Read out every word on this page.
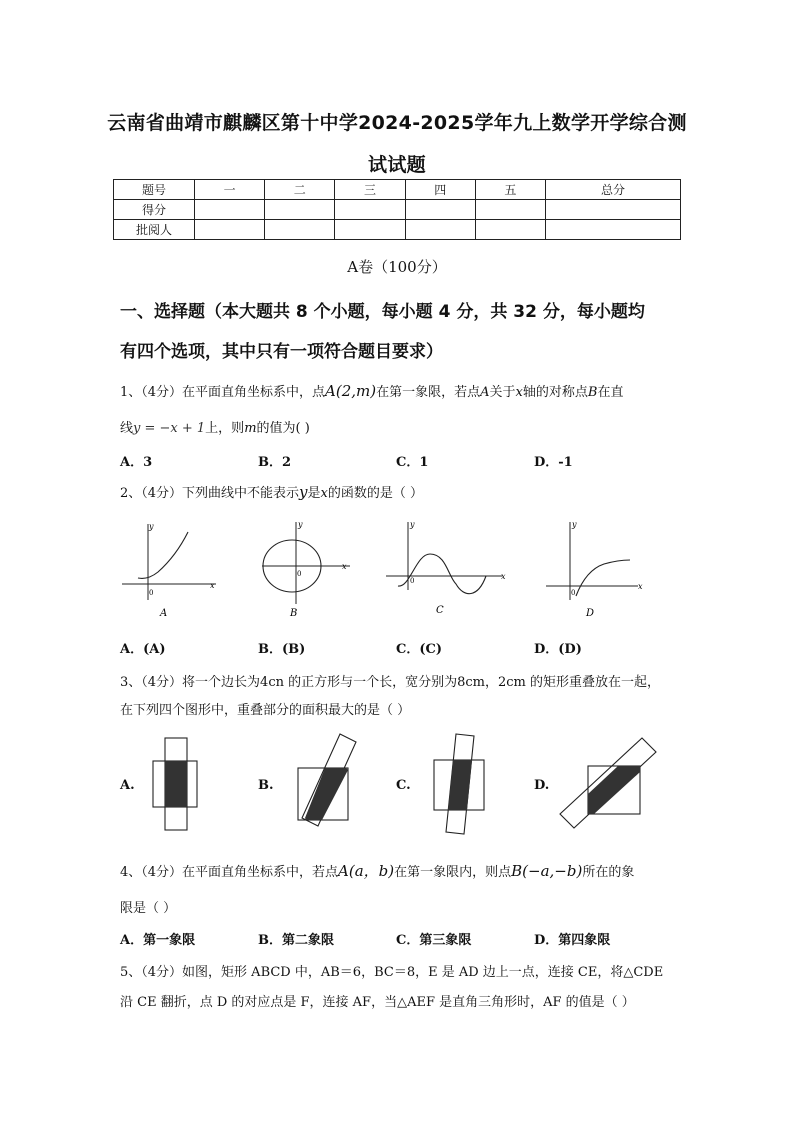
云南省曲靖市麒麟区第十中学2024-2025学年九上数学开学综合测
试试题
题号	一	二	三	四	五	总分
得分						
批阅人						
A卷（100分）
一、选择题（本大题共 8 个小题，每小题 4 分，共 32 分，每小题均
有四个选项，其中只有一项符合题目要求）
1、（4分）在平面直角坐标系中，点A(2,m)在第一象限，若点A关于x轴的对称点B在直
线y = −x + 1上，则m的值为( )
A．3	B．2	C．1	D．-1
2、（4分）下列曲线中不能表示y是x的函数的是（ ）
x
y
0
A
x
y
0
B
x
y
0
C
x
y
0
D
A．(A)	B．(B)	C．(C)	D．(D)
3、（4分）将一个边长为4cn 的正方形与一个长，宽分别为8cm，2cm 的矩形重叠放在一起，
在下列四个图形中，重叠部分的面积最大的是（ ）
A.	B.	C.	D.
4、（4分）在平面直角坐标系中，若点A(a，b)在第一象限内，则点B(−a,−b)所在的象
限是（ ）
A．第一象限	B．第二象限	C．第三象限	D．第四象限
5、（4分）如图，矩形 ABCD 中，AB＝6，BC＝8，E 是 AD 边上一点，连接 CE，将△CDE
沿 CE 翻折，点 D 的对应点是 F，连接 AF，当△AEF 是直角三角形时，AF 的值是（ ）
